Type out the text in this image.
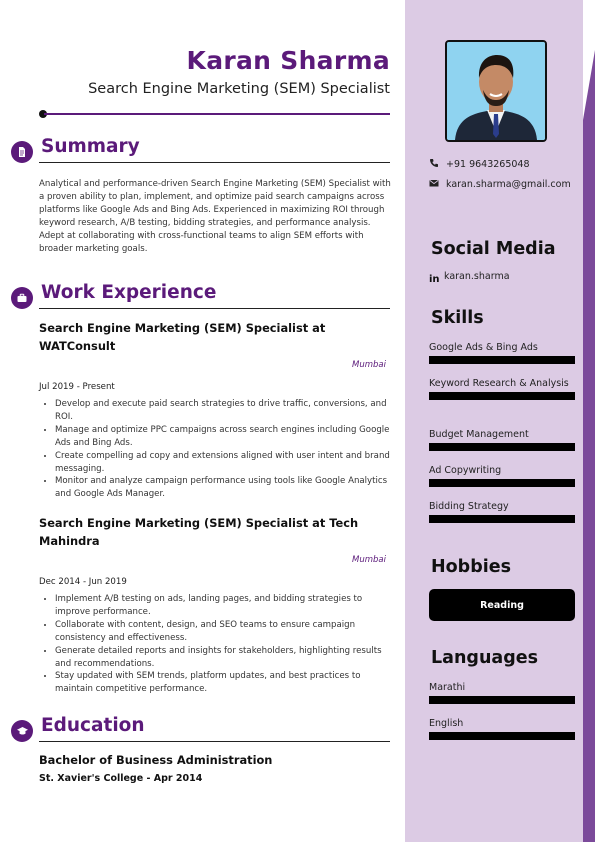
Karan Sharma
Search Engine Marketing (SEM) Specialist
Summary
Analytical and performance-driven Search Engine Marketing (SEM) Specialist with a proven ability to plan, implement, and optimize paid search campaigns across platforms like Google Ads and Bing Ads. Experienced in maximizing ROI through keyword research, A/B testing, bidding strategies, and performance analysis. Adept at collaborating with cross-functional teams to align SEM efforts with broader marketing goals.
Work Experience
Search Engine Marketing (SEM) Specialist at WATConsult
Mumbai
Jul 2019 - Present
• Develop and execute paid search strategies to drive traffic, conversions, and ROI.
• Manage and optimize PPC campaigns across search engines including Google Ads and Bing Ads.
• Create compelling ad copy and extensions aligned with user intent and brand messaging.
• Monitor and analyze campaign performance using tools like Google Analytics and Google Ads Manager.
Search Engine Marketing (SEM) Specialist at Tech Mahindra
Mumbai
Dec 2014 - Jun 2019
• Implement A/B testing on ads, landing pages, and bidding strategies to improve performance.
• Collaborate with content, design, and SEO teams to ensure campaign consistency and effectiveness.
• Generate detailed reports and insights for stakeholders, highlighting results and recommendations.
• Stay updated with SEM trends, platform updates, and best practices to maintain competitive performance.
Education
Bachelor of Business Administration
St. Xavier's College - Apr 2014
+91 9643265048
karan.sharma@gmail.com
Social Media
in karan.sharma
Skills
Google Ads & Bing Ads
Keyword Research & Analysis
Budget Management
Ad Copywriting
Bidding Strategy
Hobbies
Reading
Languages
Marathi
English
